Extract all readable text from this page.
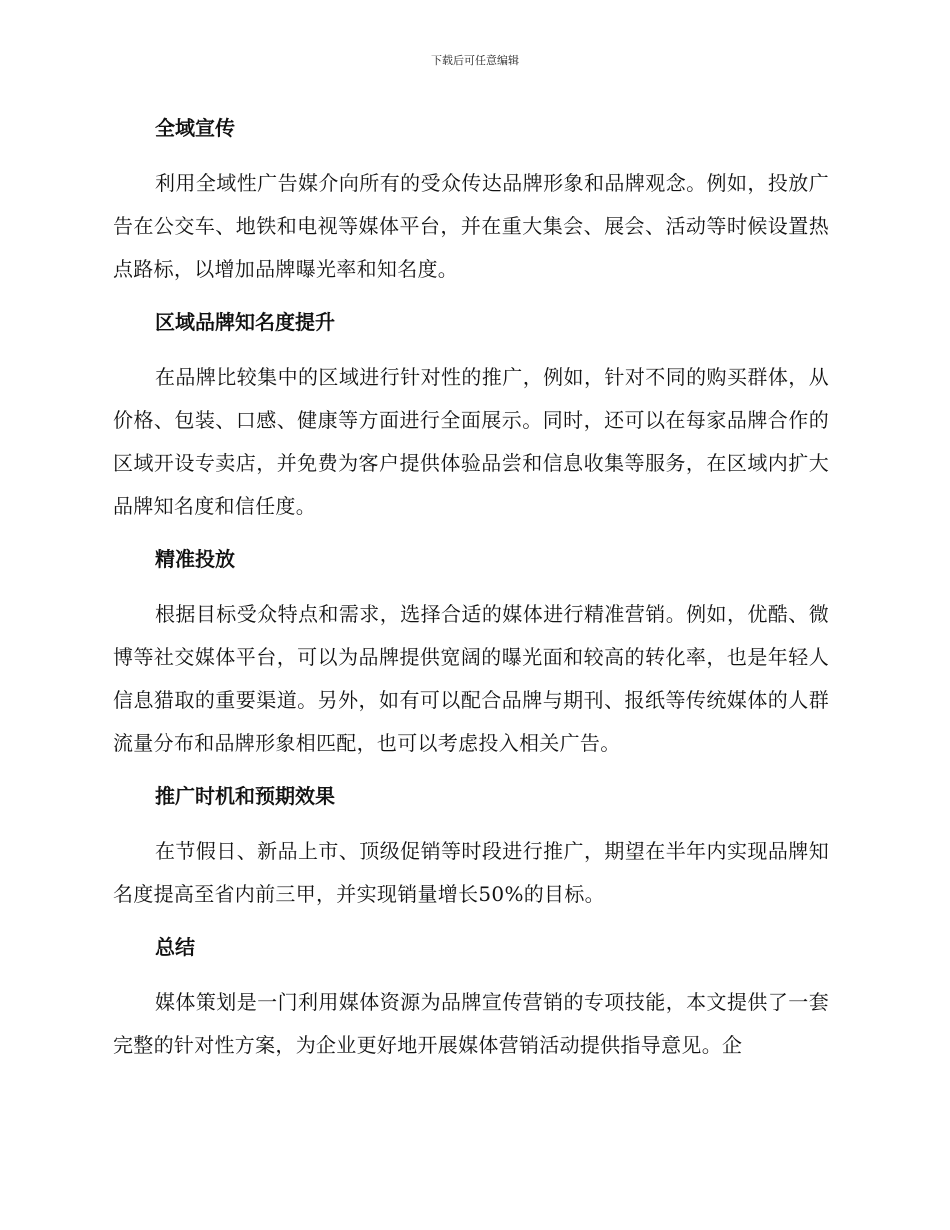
下载后可任意编辑
全域宣传

利用全域性广告媒介向所有的受众传达品牌形象和品牌观念。例如，投放广告在公交车、地铁和电视等媒体平台，并在重大集会、展会、活动等时候设置热点路标，以增加品牌曝光率和知名度。

区域品牌知名度提升

在品牌比较集中的区域进行针对性的推广，例如，针对不同的购买群体，从价格、包装、口感、健康等方面进行全面展示。同时，还可以在每家品牌合作的区域开设专卖店，并免费为客户提供体验品尝和信息收集等服务，在区域内扩大品牌知名度和信任度。

精准投放

根据目标受众特点和需求，选择合适的媒体进行精准营销。例如，优酷、微博等社交媒体平台，可以为品牌提供宽阔的曝光面和较高的转化率，也是年轻人信息猎取的重要渠道。另外，如有可以配合品牌与期刊、报纸等传统媒体的人群流量分布和品牌形象相匹配，也可以考虑投入相关广告。

推广时机和预期效果

在节假日、新品上市、顶级促销等时段进行推广，期望在半年内实现品牌知名度提高至省内前三甲，并实现销量增长50%的目标。

总结

媒体策划是一门利用媒体资源为品牌宣传营销的专项技能，本文提供了一套完整的针对性方案，为企业更好地开展媒体营销活动提供指导意见。企
